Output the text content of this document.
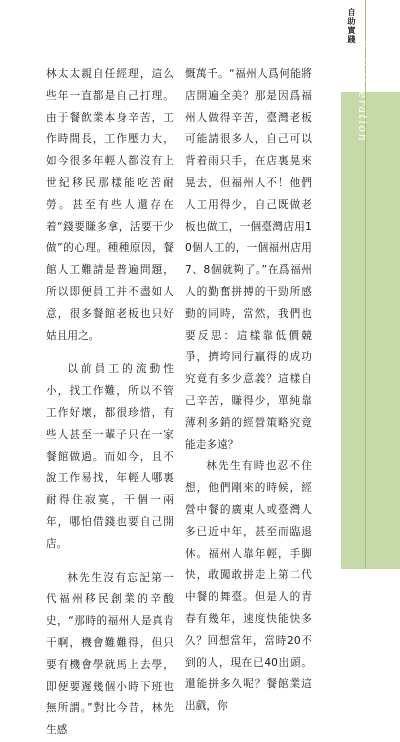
林太太親自任經理，這么些年一直都是自己打理。由于餐飲業本身辛苦，工作時間長，工作壓力大，如今很多年輕人都沒有上世紀移民那樣能吃苦耐勞。甚至有些人還存在着“錢要賺多拿，活要干少做”的心理。種種原因，餐館人工難請是普遍問題，所以即便員工并不盡如人意，很多餐館老板也只好姑且用之。

以前員工的流動性小，找工作難，所以不管工作好壞，都很珍惜，有些人甚至一輩子只在一家餐館做過。而如今，且不說工作易找，年輕人哪裏耐得住寂寞，干個一兩年，哪怕借錢也要自己開店。

林先生沒有忘記第一代福州移民創業的辛酸史，“那時的福州人是真肯干啊，機會難難得，但只要有機會學就馬上去學，即便要遲幾個小時下班也無所謂。”對比今昔，林先生感

慨萬千。“福州人爲何能將店開遍全美？那是因爲福州人做得辛苦，臺灣老板可能請很多人，自己可以背着雨只手，在店裏晃來晃去，但福州人不！他們人工用得少，自己既做老板也做工，一個臺灣店用10個人工的，一個福州店用7、8個就夠了。”在爲福州人的勤奮拼搏的干勁所感動的同時，當然，我們也要反思：這樣靠低價競爭，擠垮同行贏得的成功究竟有多少意義？這樣自己辛苦，賺得少，單純靠薄利多銷的經營策略究竟能走多遠？

林先生有時也忍不住想，他們剛來的時候，經營中餐的廣東人或臺灣人多已近中年，甚至而臨退休。福州人靠年輕，手脚快，敢闖敢拼走上第二代中餐的舞臺。但是人的青春有幾年，速度快能快多久？回想當年，當時20不到的人，現在已40出頭。還能拼多久呢？餐館業這出戲，你

自助實踐
Self Operation
